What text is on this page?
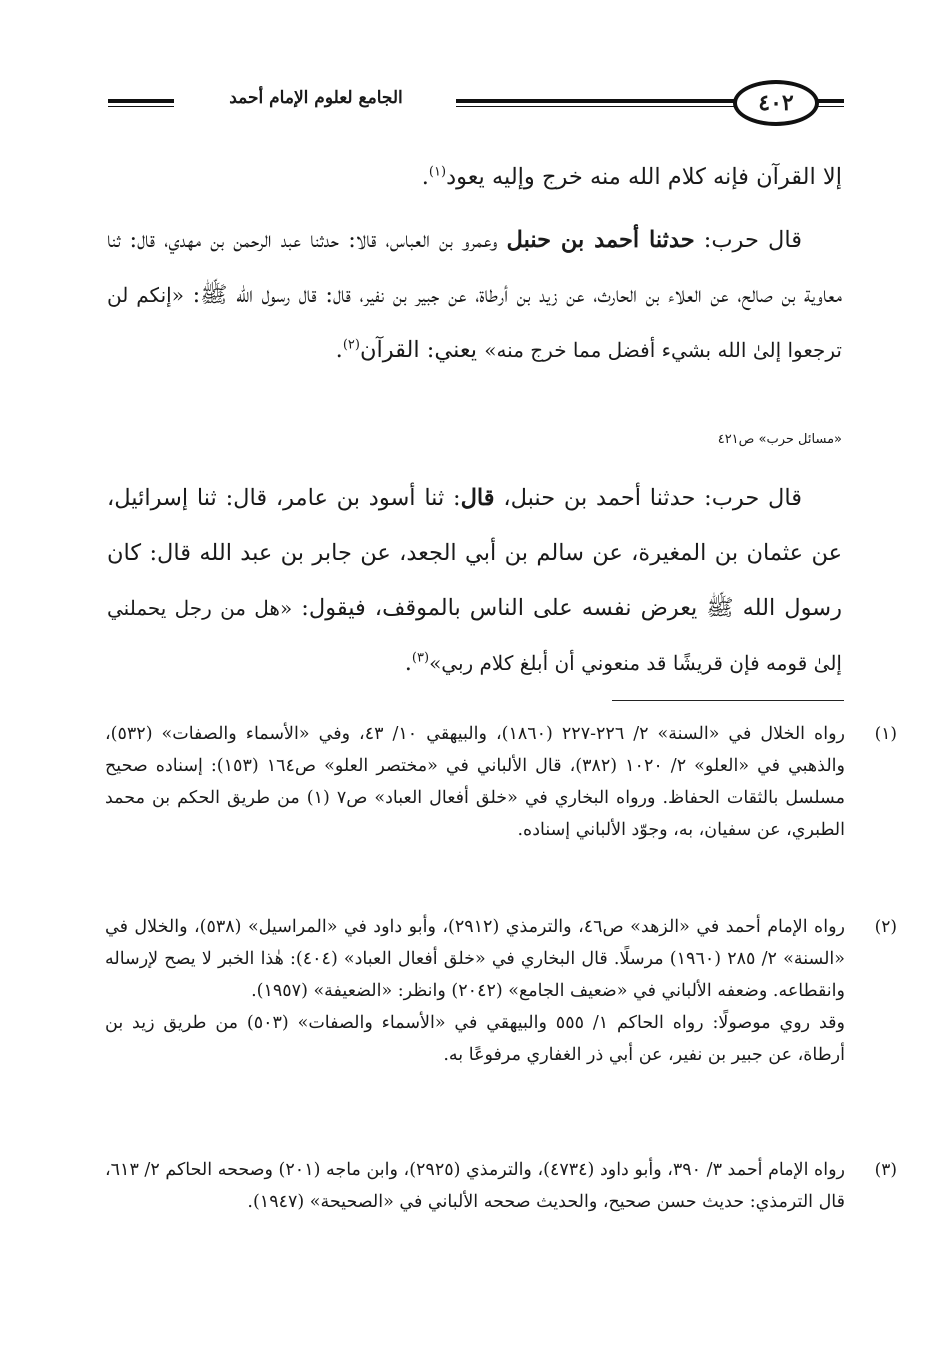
الجامع لعلوم الإمام أحمد	٤٠٢
إلا القرآن فإنه كلام الله منه خرج وإليه يعود$^{(١)}$.
قال حرب: حدثنا أحمد بن حنبل وعمرو بن العباس، قالا: حدثنا عبد الرحمن بن مهدي، قال: ثنا معاوية بن صالح، عن العلاء بن الحارث، عن زيد بن أرطاة، عن جبير بن نفير، قال: قال رسول الله ﷺ: «إنكم لن ترجعوا إلىٰ الله بشيء أفضل مما خرج منه» يعني: القرآن$^{(٢)}$.
«مسائل حرب» ص٤٢١
قال حرب: حدثنا أحمد بن حنبل، قال: ثنا أسود بن عامر، قال: ثنا إسرائيل، عن عثمان بن المغيرة، عن سالم بن أبي الجعد، عن جابر بن عبد الله قال: كان رسول الله ﷺ يعرض نفسه على الناس بالموقف، فيقول: «هل من رجل يحملني إلىٰ قومه فإن قريشًا قد منعوني أن أبلغ كلام ربي»$^{(٣)}$.
(١)
رواه الخلال في «السنة» ٢/ ٢٢٦-٢٢٧ (١٨٦٠)، والبيهقي ١٠/ ٤٣، وفي «الأسماء والصفات» (٥٣٢)، والذهبي في «العلو» ٢/ ١٠٢٠ (٣٨٢)، قال الألباني في «مختصر العلو» ص١٦٤ (١٥٣): إسناده صحيح مسلسل بالثقات الحفاظ. ورواه البخاري في «خلق أفعال العباد» ص٧ (١) من طريق الحكم بن محمد الطبري، عن سفيان، به، وجوّد الألباني إسناده.
(٢)
رواه الإمام أحمد في «الزهد» ص٤٦، والترمذي (٢٩١٢)، وأبو داود في «المراسيل» (٥٣٨)، والخلال في «السنة» ٢/ ٢٨٥ (١٩٦٠) مرسلًا. قال البخاري في «خلق أفعال العباد» (٤٠٤): هٰذا الخبر لا يصح لإرساله وانقطاعه. وضعفه الألباني في «ضعيف الجامع» (٢٠٤٢) وانظر: «الضعيفة» (١٩٥٧).
وقد روي موصولًا: رواه الحاكم ١/ ٥٥٥ والبيهقي في «الأسماء والصفات» (٥٠٣) من طريق زيد بن أرطاة، عن جبير بن نفير، عن أبي ذر الغفاري مرفوعًا به.
(٣)
رواه الإمام أحمد ٣/ ٣٩٠، وأبو داود (٤٧٣٤)، والترمذي (٢٩٢٥)، وابن ماجه (٢٠١) وصححه الحاكم ٢/ ٦١٣، قال الترمذي: حديث حسن صحيح، والحديث صححه الألباني في «الصحيحة» (١٩٤٧).
